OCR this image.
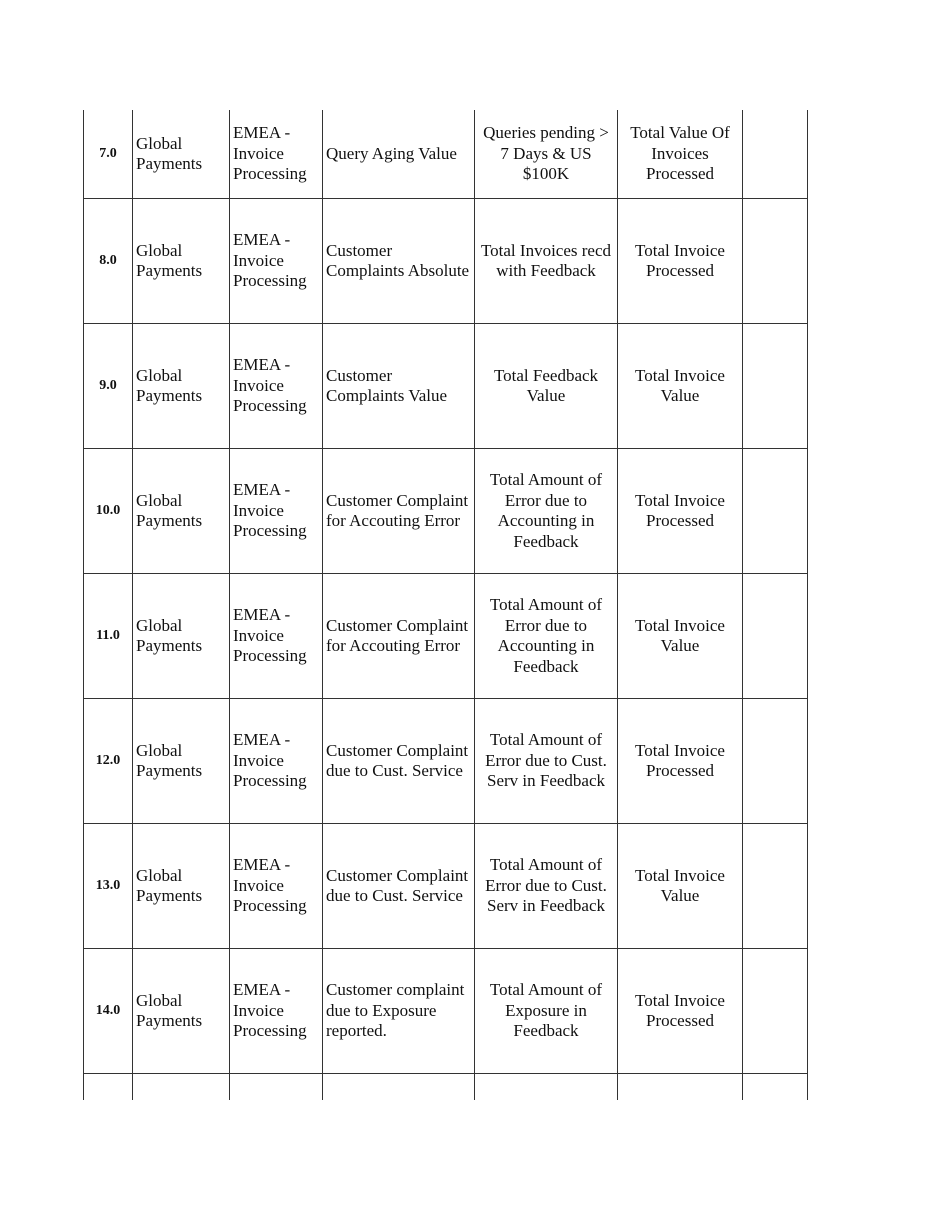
7.0	Global Payments	EMEA - Invoice Processing	Query Aging Value	Queries pending > 7 Days & US $100K	Total Value Of Invoices Processed	
8.0	Global Payments	EMEA - Invoice Processing	Customer Complaints Absolute	Total Invoices recd with Feedback	Total Invoice Processed	
9.0	Global Payments	EMEA - Invoice Processing	Customer Complaints Value	Total Feedback Value	Total Invoice Value	
10.0	Global Payments	EMEA - Invoice Processing	Customer Complaint for Accouting Error	Total Amount of Error due to Accounting in Feedback	Total Invoice Processed	
11.0	Global Payments	EMEA - Invoice Processing	Customer Complaint for Accouting Error	Total Amount of Error due to Accounting in Feedback	Total Invoice Value	
12.0	Global Payments	EMEA - Invoice Processing	Customer Complaint due to Cust. Service	Total Amount of Error due to Cust. Serv in Feedback	Total Invoice Processed	
13.0	Global Payments	EMEA - Invoice Processing	Customer Complaint due to Cust. Service	Total Amount of Error due to Cust. Serv in Feedback	Total Invoice Value	
14.0	Global Payments	EMEA - Invoice Processing	Customer complaint due to Exposure reported.	Total Amount of Exposure in Feedback	Total Invoice Processed	
